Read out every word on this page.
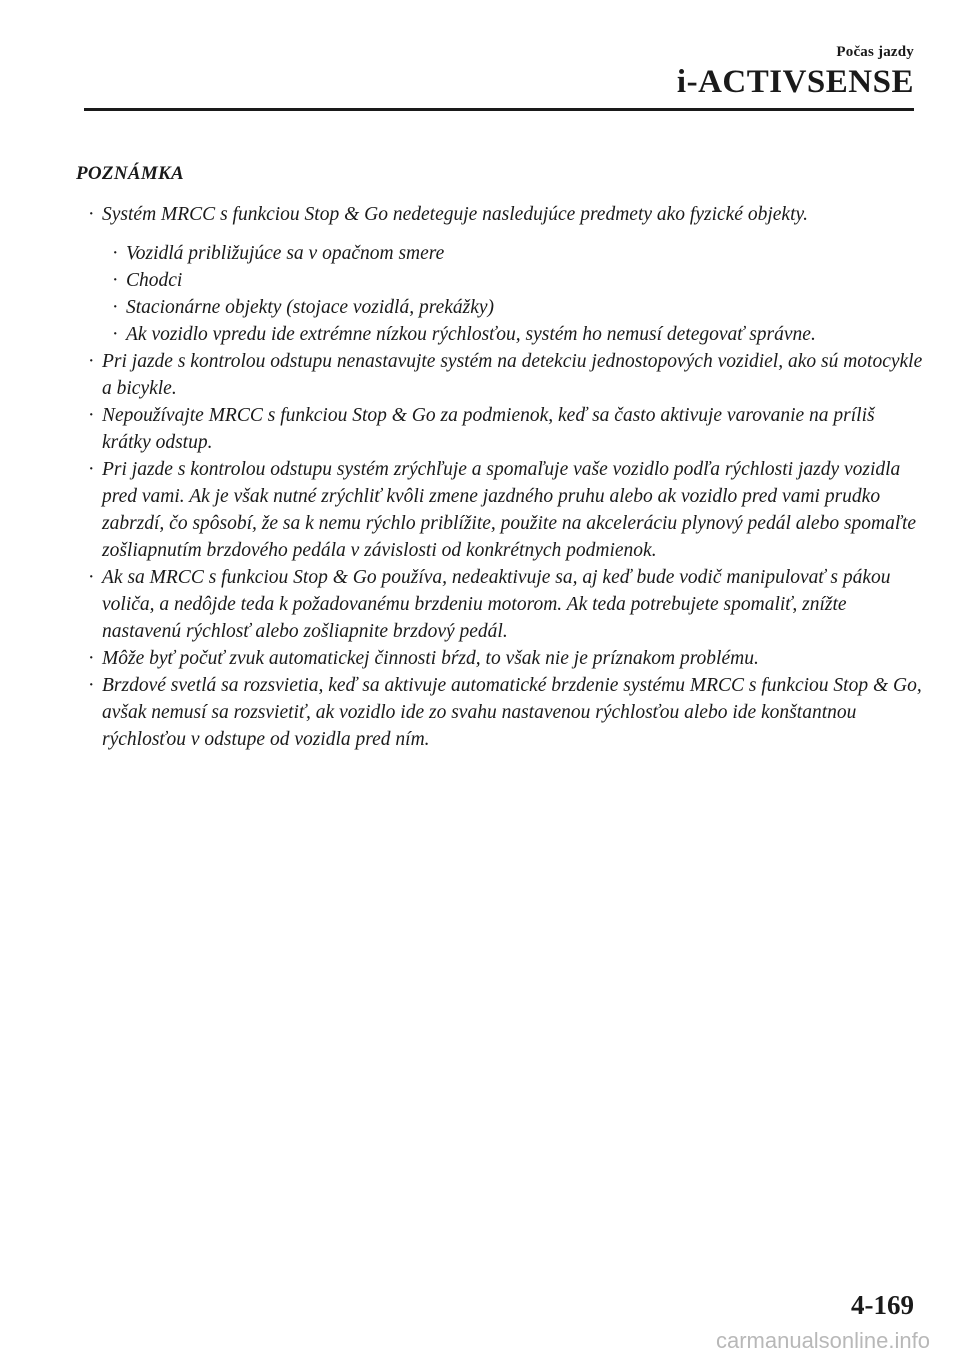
Počas jazdy
i-ACTIVSENSE
POZNÁMKA
· Systém MRCC s funkciou Stop & Go nedeteguje nasledujúce predmety ako fyzické objekty.
· Vozidlá približujúce sa v opačnom smere
· Chodci
· Stacionárne objekty (stojace vozidlá, prekážky)
· Ak vozidlo vpredu ide extrémne nízkou rýchlosťou, systém ho nemusí detegovať správne.
· Pri jazde s kontrolou odstupu nenastavujte systém na detekciu jednostopových vozidiel, ako sú motocykle a bicykle.
· Nepoužívajte MRCC s funkciou Stop & Go za podmienok, keď sa často aktivuje varovanie na príliš krátky odstup.
· Pri jazde s kontrolou odstupu systém zrýchľuje a spomaľuje vaše vozidlo podľa rýchlosti jazdy vozidla pred vami. Ak je však nutné zrýchliť kvôli zmene jazdného pruhu alebo ak vozidlo pred vami prudko zabrzdí, čo spôsobí, že sa k nemu rýchlo priblížite, použite na akceleráciu plynový pedál alebo spomaľte zošliapnutím brzdového pedála v závislosti od konkrétnych podmienok.
· Ak sa MRCC s funkciou Stop & Go používa, nedeaktivuje sa, aj keď bude vodič manipulovať s pákou voliča, a nedôjde teda k požadovanému brzdeniu motorom. Ak teda potrebujete spomaliť, znížte nastavenú rýchlosť alebo zošliapnite brzdový pedál.
· Môže byť počuť zvuk automatickej činnosti bŕzd, to však nie je príznakom problému.
· Brzdové svetlá sa rozsvietia, keď sa aktivuje automatické brzdenie systému MRCC s funkciou Stop & Go, avšak nemusí sa rozsvietiť, ak vozidlo ide zo svahu nastavenou rýchlosťou alebo ide konštantnou rýchlosťou v odstupe od vozidla pred ním.
4-169
carmanualsonline.info
